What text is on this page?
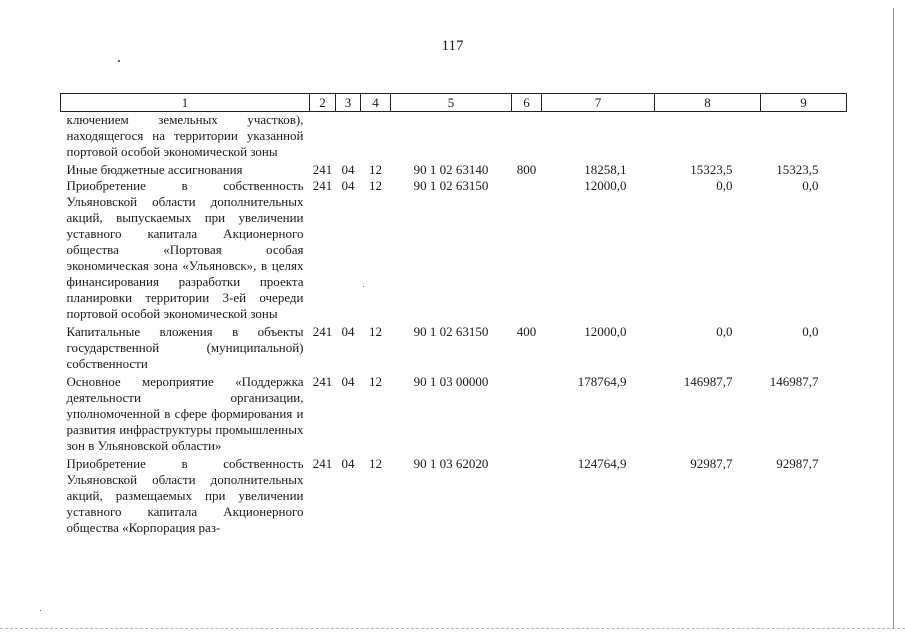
117
1	2	3	4	5	6	7	8	9
ключением земельных участков), находящегося на территории указанной портовой особой экономической зоны								
Иные бюджетные ассигнования	241	04	12	90 1 02 63140	800	18258,1	15323,5	15323,5
Приобретение в собственность Ульяновской области дополнительных акций, выпускаемых при увеличении уставного капитала Акционерного общества «Портовая особая экономическая зона «Ульяновск», в целях финансирования разработки проекта планировки территории 3-ей очереди портовой особой экономической зоны	241	04	12	90 1 02 63150		12000,0	0,0	0,0
Капитальные вложения в объекты государственной (муниципальной) собственности	241	04	12	90 1 02 63150	400	12000,0	0,0	0,0
Основное мероприятие «Поддержка деятельности организации, уполномоченной в сфере формирования и развития инфраструктуры промышленных зон в Ульяновской области»	241	04	12	90 1 03 00000		178764,9	146987,7	146987,7
Приобретение в собственность Ульяновской области дополнительных акций, размещаемых при увеличении уставного капитала Акционерного общества «Корпорация раз-	241	04	12	90 1 03 62020		124764,9	92987,7	92987,7
